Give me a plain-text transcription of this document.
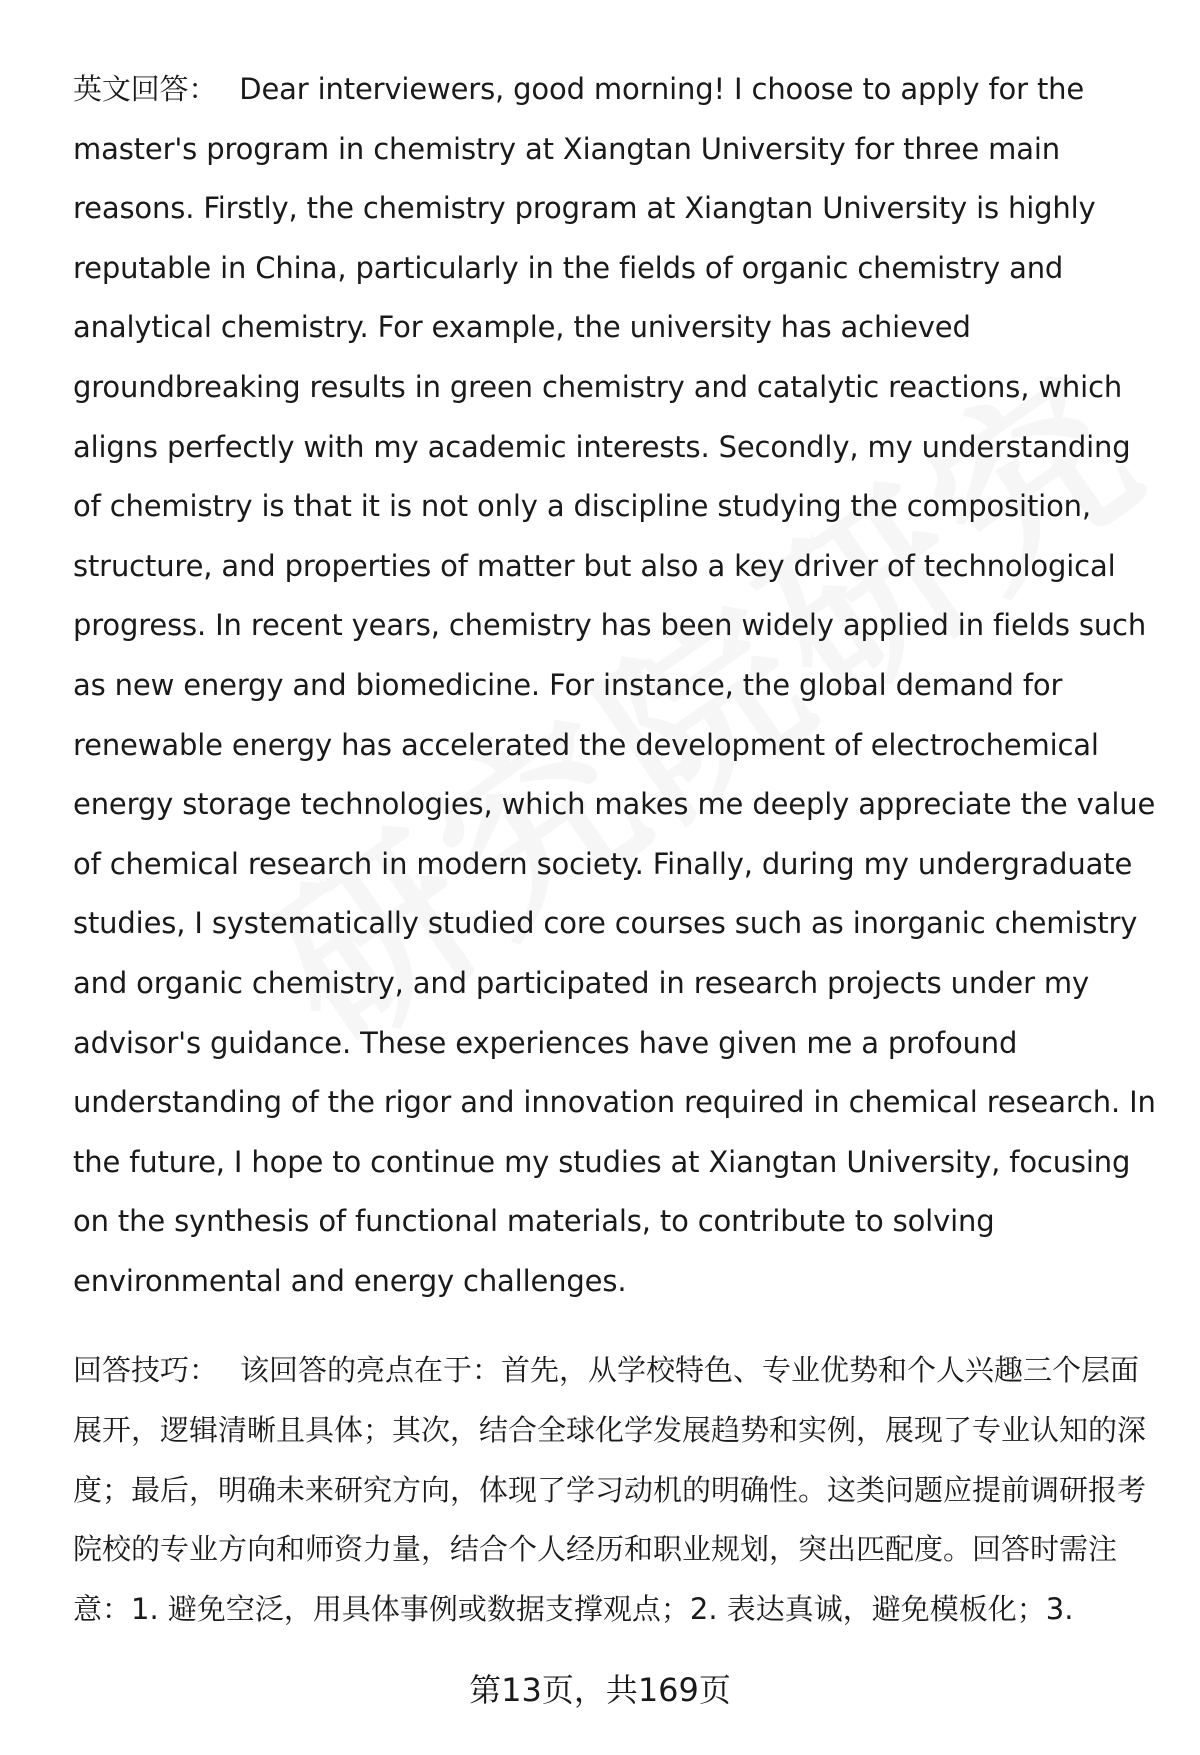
英文回答： Dear interviewers, good morning! I choose to apply for the master's program in chemistry at Xiangtan University for three main reasons. Firstly, the chemistry program at Xiangtan University is highly reputable in China, particularly in the fields of organic chemistry and analytical chemistry. For example, the university has achieved groundbreaking results in green chemistry and catalytic reactions, which aligns perfectly with my academic interests. Secondly, my understanding of chemistry is that it is not only a discipline studying the composition, structure, and properties of matter but also a key driver of technological progress. In recent years, chemistry has been widely applied in fields such as new energy and biomedicine. For instance, the global demand for renewable energy has accelerated the development of electrochemical energy storage technologies, which makes me deeply appreciate the value of chemical research in modern society. Finally, during my undergraduate studies, I systematically studied core courses such as inorganic chemistry and organic chemistry, and participated in research projects under my advisor's guidance. These experiences have given me a profound understanding of the rigor and innovation required in chemical research. In the future, I hope to continue my studies at Xiangtan University, focusing on the synthesis of functional materials, to contribute to solving environmental and energy challenges.

回答技巧： 该回答的亮点在于：首先，从学校特色、专业优势和个人兴趣三个层面展开，逻辑清晰且具体；其次，结合全球化学发展趋势和实例，展现了专业认知的深度；最后，明确未来研究方向，体现了学习动机的明确性。这类问题应提前调研报考院校的专业方向和师资力量，结合个人经历和职业规划，突出匹配度。回答时需注意：1. 避免空泛，用具体事例或数据支撑观点；2. 表达真诚，避免模板化；3.

第13页，共169页
